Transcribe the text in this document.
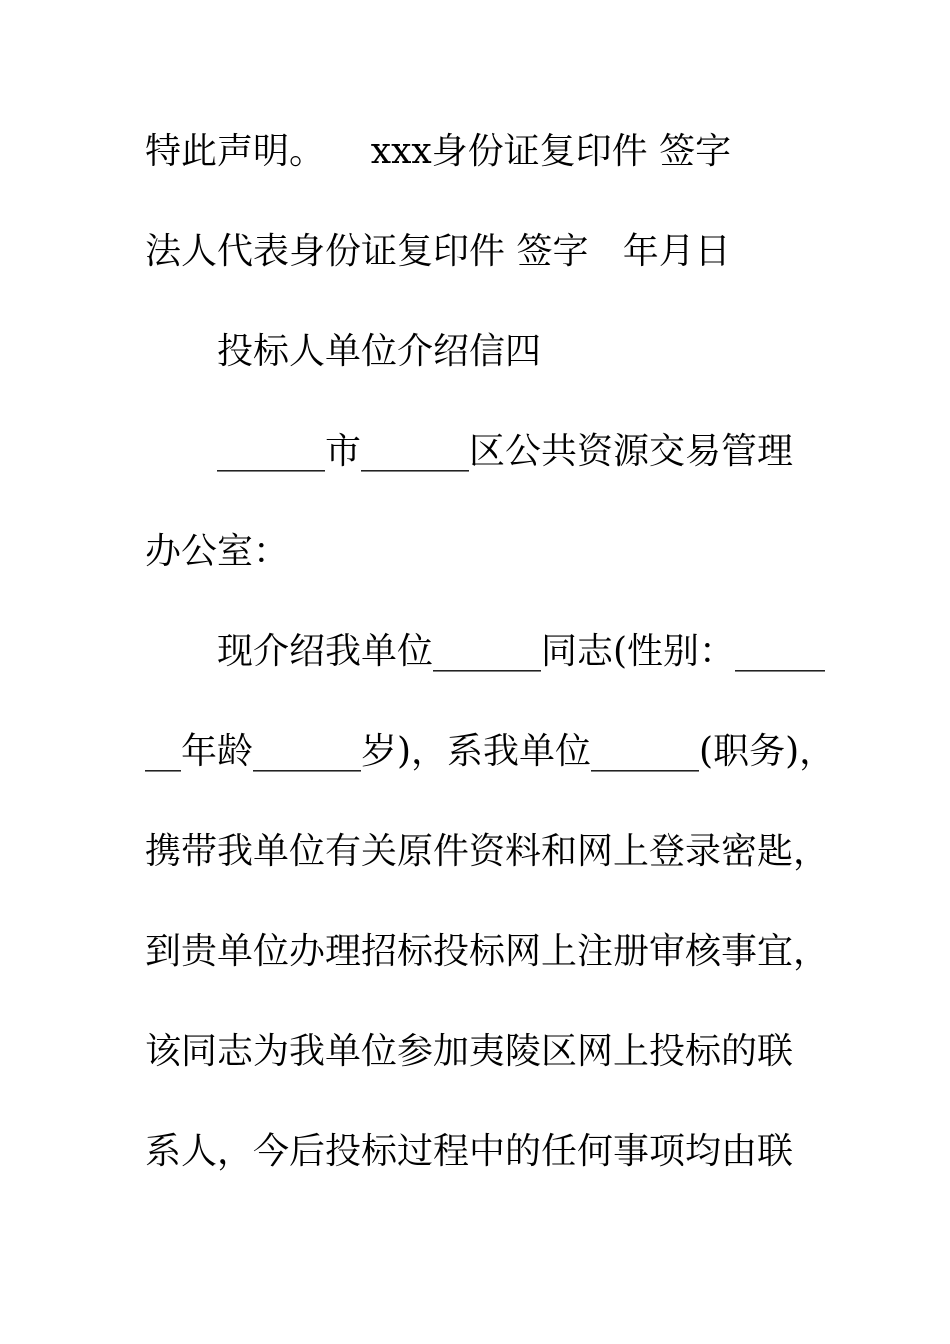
特此声明。    xxx身份证复印件 签字
法人代表身份证复印件 签字   年月日
投标人单位介绍信四
______市______区公共资源交易管理
办公室：
现介绍我单位______同志(性别：_____
__年龄______岁)，系我单位______(职务)，
携带我单位有关原件资料和网上登录密匙，
到贵单位办理招标投标网上注册审核事宜，
该同志为我单位参加夷陵区网上投标的联
系人，今后投标过程中的任何事项均由联
